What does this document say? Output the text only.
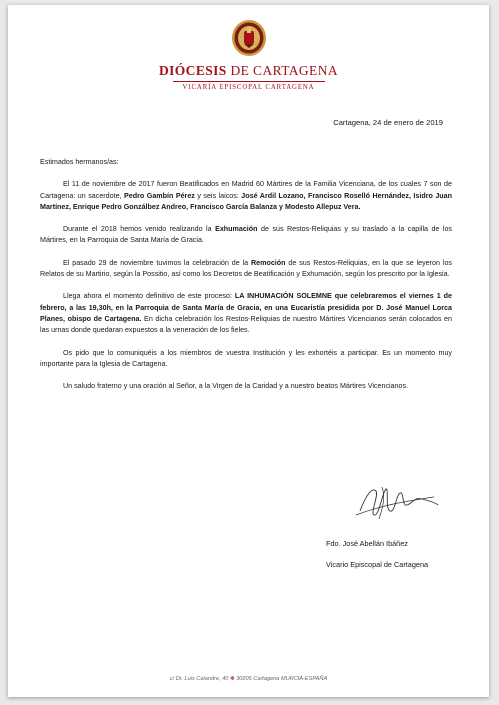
DIÓCESIS DE CARTAGENA
VICARÍA EPISCOPAL CARTAGENA
Cartagena, 24 de enero de 2019

Estimados hermanos/as:

El 11 de noviembre de 2017 fueron Beatificados en Madrid 60 Mártires de la Familia Vicenciana, de los cuales 7 son de Cartagena: un sacerdote, Pedro Gambín Pérez y seis laicos: José Ardil Lozano, Francisco Roselló Hernández, Isidro Juan Martínez, Enrique Pedro Gonzálbez Andreo, Francisco García Balanza y Modesto Allepuz Vera.

Durante el 2018 hemos venido realizando la Exhumación de sus Restos-Reliquias y su traslado a la capilla de los Mártires, en la Parroquia de Santa María de Gracia.

El pasado 29 de noviembre tuvimos la celebración de la Remoción de sus Restos-Reliquias, en la que se leyeron los Relatos de su Martirio, según la Possitio, así como los Decretos de Beatificación y Exhumación, según los prescrito por la Iglesia.

Llega ahora el momento definitivo de este proceso: LA INHUMACIÓN SOLEMNE que celebraremos el viernes 1 de febrero, a las 19,30h, en la Parroquia de Santa María de Gracia, en una Eucaristía presidida por D. José Manuel Lorca Planes, obispo de Cartagena. En dicha celebración los Restos-Reliquias de nuestro Mártires Vicencianos serán colocados en las urnas donde quedaran expuestos a la veneración de los fieles.

Os pido que lo comuniquéis a los miembros de vuestra Institución y les exhortéis a participar. Es un momento muy importante para la Iglesia de Cartagena.

Un saludo fraterno y una oración al Señor, a la Virgen de la Caridad y a nuestro beatos Mártires Vicencianos.

Fdo. José Abellán Ibáñez
Vicario Episcopal de Cartagena
c/ Dr. Luis Calandre, 40 ❋ 30205 Cartagena MURCIA-ESPAÑA
